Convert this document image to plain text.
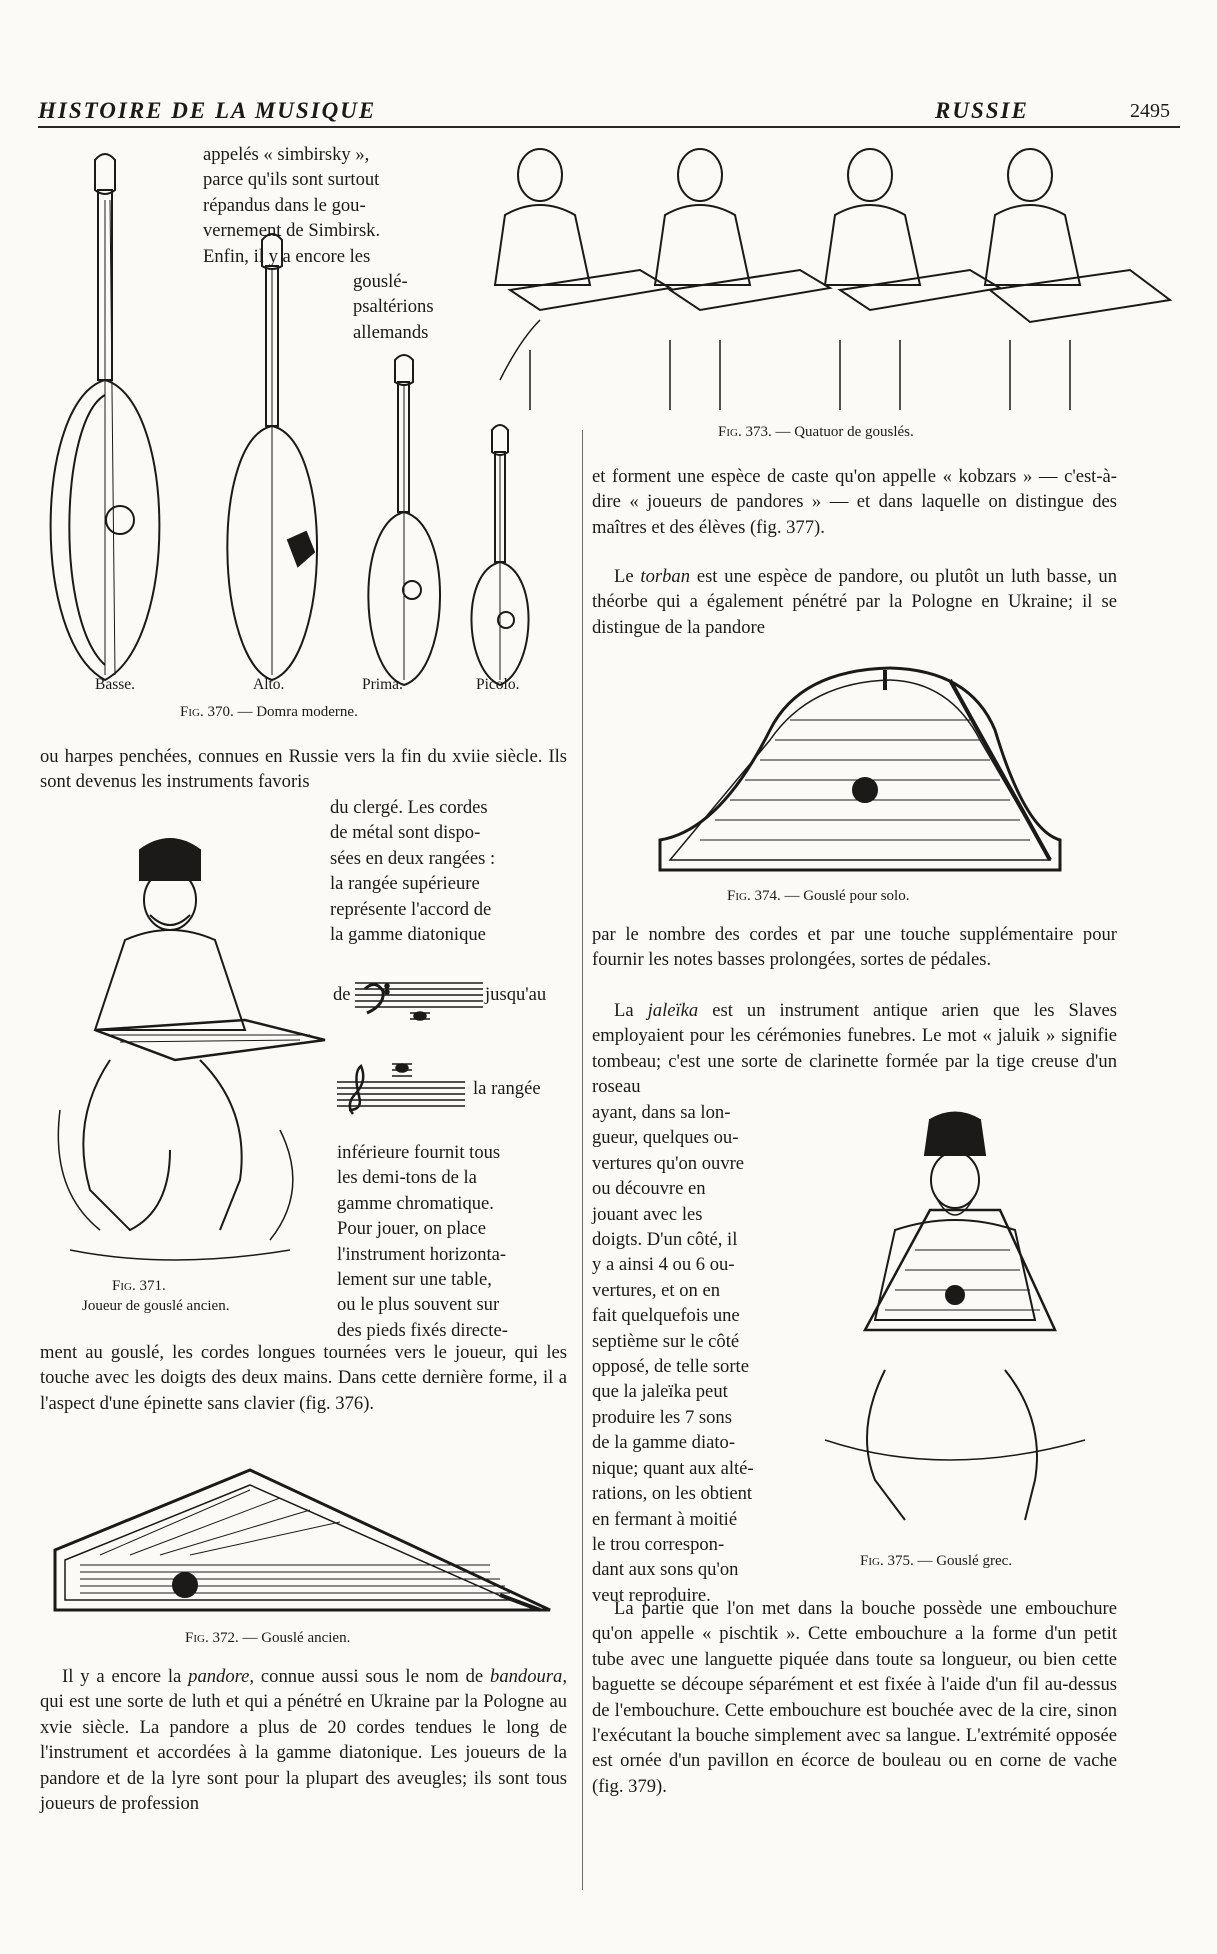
HISTOIRE DE LA MUSIQUE	RUSSIE	2495
appelés « simbirsky »,
parce qu'ils sont surtout
répandus dans le gou-
vernement de Simbirsk.
Enfin, il y a encore les
gouslé-
psaltérions
allemands
Basse.	Alto.	Prima.	Picolo.
Fig. 370. — Domra moderne.
ou harpes penchées, connues en Russie vers la fin du xviie siècle. Ils sont devenus les instruments favoris
du clergé. Les cordes
de métal sont dispo-
sées en deux rangées :
la rangée supérieure
représente l'accord de
la gamme diatonique
de	jusqu'au
la rangée
inférieure fournit tous
les demi-tons de la
gamme chromatique.
Pour jouer, on place
l'instrument horizonta-
lement sur une table,
ou le plus souvent sur
des pieds fixés directe-
Fig. 371.
Joueur de gouslé ancien.
ment au gouslé, les cordes longues tournées vers le joueur, qui les touche avec les doigts des deux mains. Dans cette dernière forme, il a l'aspect d'une épinette sans clavier (fig. 376).
Fig. 372. — Gouslé ancien.
Il y a encore la pandore, connue aussi sous le nom de bandoura, qui est une sorte de luth et qui a pénétré en Ukraine par la Pologne au xvie siècle. La pandore a plus de 20 cordes tendues le long de l'instrument et accordées à la gamme diatonique. Les joueurs de la pandore et de la lyre sont pour la plupart des aveugles; ils sont tous joueurs de profession
Fig. 373. — Quatuor de gouslés.
et forment une espèce de caste qu'on appelle « kobzars » — c'est-à-dire « joueurs de pandores » — et dans laquelle on distingue des maîtres et des élèves (fig. 377).
Le torban est une espèce de pandore, ou plutôt un luth basse, un théorbe qui a également pénétré par la Pologne en Ukraine; il se distingue de la pandore
Fig. 374. — Gouslé pour solo.
par le nombre des cordes et par une touche supplémentaire pour fournir les notes basses prolongées, sortes de pédales.
La jaleïka est un instrument antique arien que les Slaves employaient pour les cérémonies funebres. Le mot « jaluik » signifie tombeau; c'est une sorte de clarinette formée par la tige creuse d'un roseau
ayant, dans sa lon-
gueur, quelques ou-
vertures qu'on ouvre
ou découvre en
jouant avec les
doigts. D'un côté, il
y a ainsi 4 ou 6 ou-
vertures, et on en
fait quelquefois une
septième sur le côté
opposé, de telle sorte
que la jaleïka peut
produire les 7 sons
de la gamme diato-
nique; quant aux alté-
rations, on les obtient
en fermant à moitié
le trou correspon-
dant aux sons qu'on
veut reproduire.
Fig. 375. — Gouslé grec.
La partie que l'on met dans la bouche possède une embouchure qu'on appelle « pischtik ». Cette embouchure a la forme d'un petit tube avec une languette piquée dans toute sa longueur, ou bien cette baguette se découpe séparément et est fixée à l'aide d'un fil au-dessus de l'embouchure. Cette embouchure est bouchée avec de la cire, sinon l'exécutant la bouche simplement avec sa langue. L'extrémité opposée est ornée d'un pavillon en écorce de bouleau ou en corne de vache (fig. 379).
